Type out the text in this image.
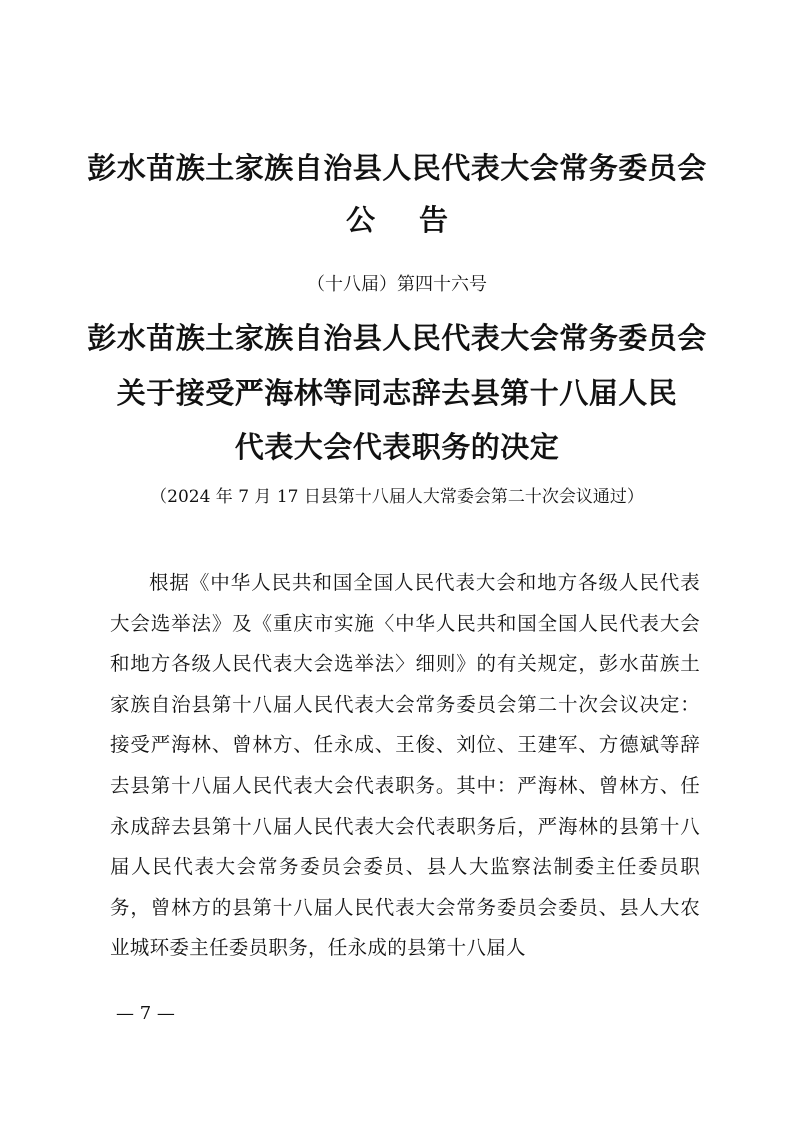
彭水苗族土家族自治县人民代表大会常务委员会
公告
（十八届）第四十六号
彭水苗族土家族自治县人民代表大会常务委员会
关于接受严海林等同志辞去县第十八届人民
代表大会代表职务的决定
（2024 年 7 月 17 日县第十八届人大常委会第二十次会议通过）

根据《中华人民共和国全国人民代表大会和地方各级人民代表大会选举法》及《重庆市实施〈中华人民共和国全国人民代表大会和地方各级人民代表大会选举法〉细则》的有关规定，彭水苗族土家族自治县第十八届人民代表大会常务委员会第二十次会议决定：接受严海林、曾林方、任永成、王俊、刘位、王建军、方德斌等辞去县第十八届人民代表大会代表职务。其中：严海林、曾林方、任永成辞去县第十八届人民代表大会代表职务后，严海林的县第十八届人民代表大会常务委员会委员、县人大监察法制委主任委员职务，曾林方的县第十八届人民代表大会常务委员会委员、县人大农业城环委主任委员职务，任永成的县第十八届人

— 7 —
